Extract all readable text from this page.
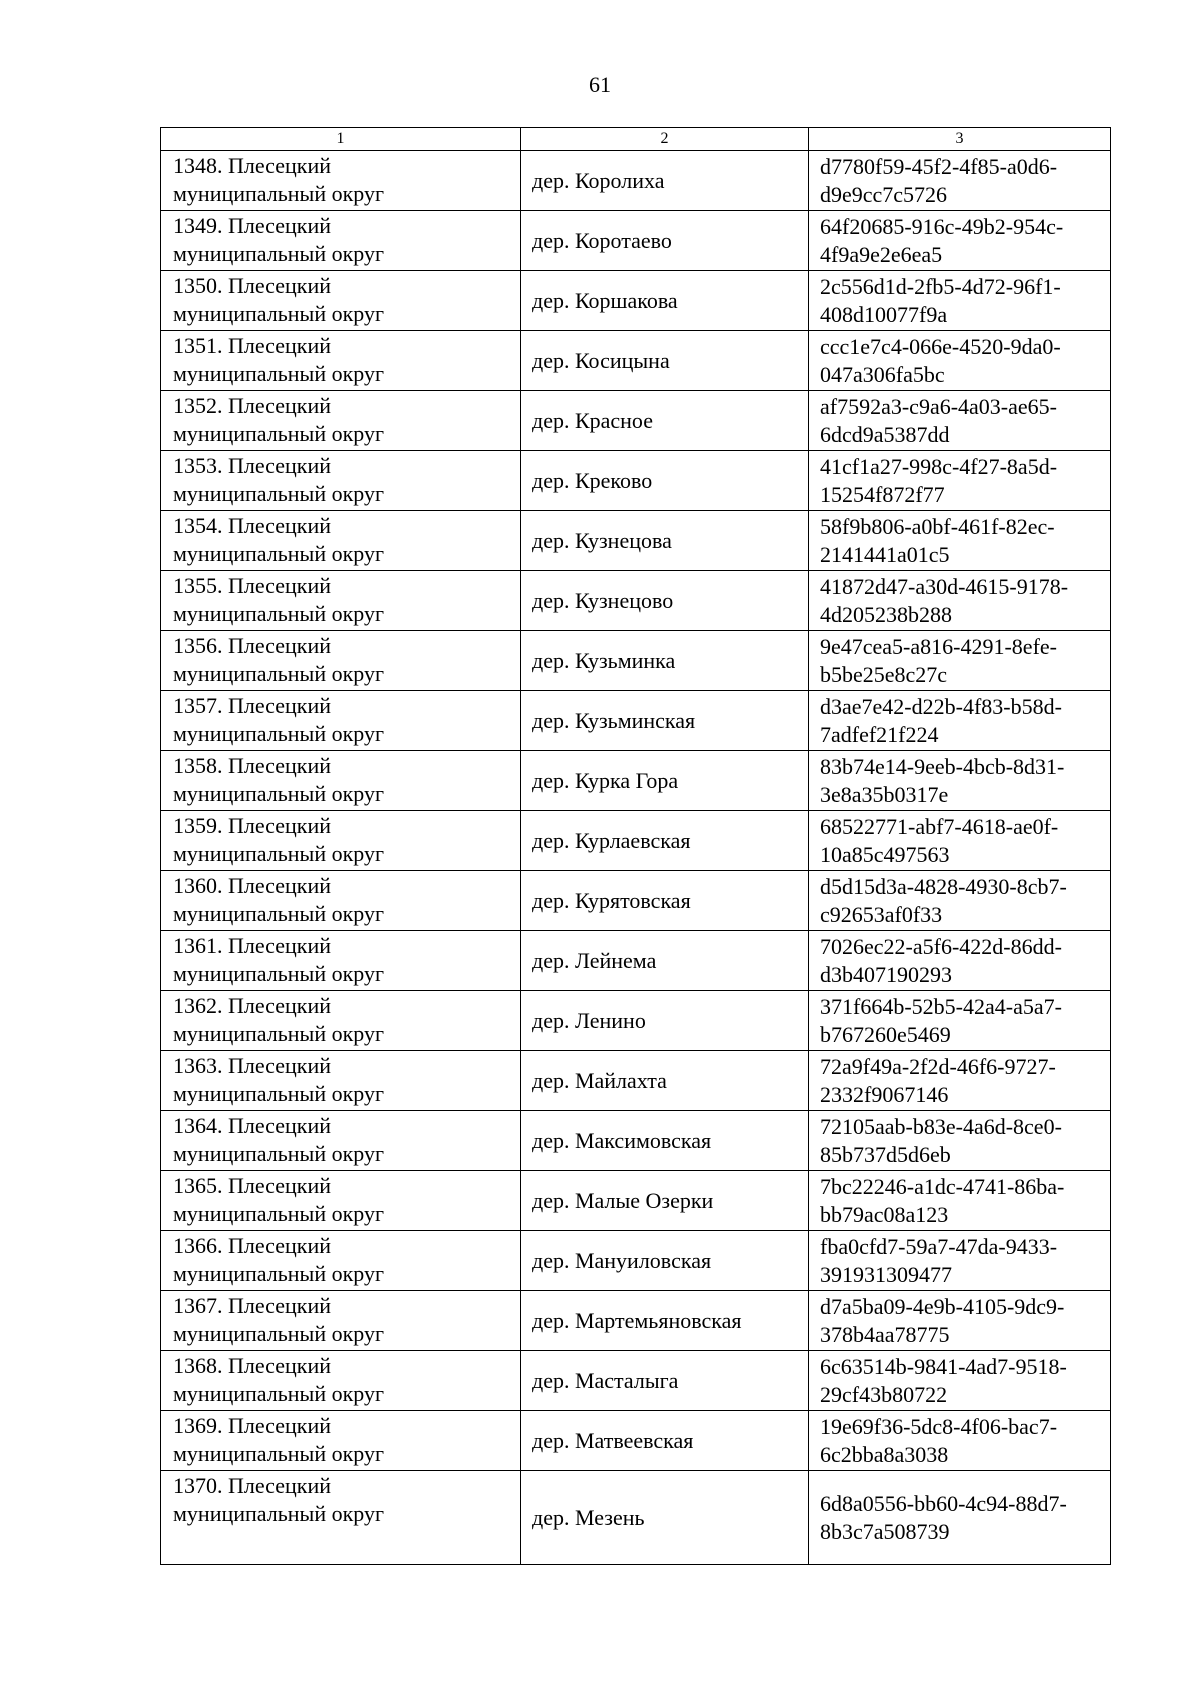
61
1	2	3

1348. Плесецкий
муниципальный округ	дер. Королиха	d7780f59-45f2-4f85-a0d6-
d9e9cc7c5726

1349. Плесецкий
муниципальный округ	дер. Коротаево	64f20685-916c-49b2-954c-
4f9a9e2e6ea5

1350. Плесецкий
муниципальный округ	дер. Коршакова	2c556d1d-2fb5-4d72-96f1-
408d10077f9a

1351. Плесецкий
муниципальный округ	дер. Косицына	ccc1e7c4-066e-4520-9da0-
047a306fa5bc

1352. Плесецкий
муниципальный округ	дер. Красное	af7592a3-c9a6-4a03-ae65-
6dcd9a5387dd

1353. Плесецкий
муниципальный округ	дер. Креково	41cf1a27-998c-4f27-8a5d-
15254f872f77

1354. Плесецкий
муниципальный округ	дер. Кузнецова	58f9b806-a0bf-461f-82ec-
2141441a01c5

1355. Плесецкий
муниципальный округ	дер. Кузнецово	41872d47-a30d-4615-9178-
4d205238b288

1356. Плесецкий
муниципальный округ	дер. Кузьминка	9e47cea5-a816-4291-8efe-
b5be25e8c27c

1357. Плесецкий
муниципальный округ	дер. Кузьминская	d3ae7e42-d22b-4f83-b58d-
7adfef21f224

1358. Плесецкий
муниципальный округ	дер. Курка Гора	83b74e14-9eeb-4bcb-8d31-
3e8a35b0317e

1359. Плесецкий
муниципальный округ	дер. Курлаевская	68522771-abf7-4618-ae0f-
10a85c497563

1360. Плесецкий
муниципальный округ	дер. Курятовская	d5d15d3a-4828-4930-8cb7-
c92653af0f33

1361. Плесецкий
муниципальный округ	дер. Лейнема	7026ec22-a5f6-422d-86dd-
d3b407190293

1362. Плесецкий
муниципальный округ	дер. Ленино	371f664b-52b5-42a4-a5a7-
b767260e5469

1363. Плесецкий
муниципальный округ	дер. Майлахта	72a9f49a-2f2d-46f6-9727-
2332f9067146

1364. Плесецкий
муниципальный округ	дер. Максимовская	72105aab-b83e-4a6d-8ce0-
85b737d5d6eb

1365. Плесецкий
муниципальный округ	дер. Малые Озерки	7bc22246-a1dc-4741-86ba-
bb79ac08a123

1366. Плесецкий
муниципальный округ	дер. Мануиловская	fba0cfd7-59a7-47da-9433-
391931309477

1367. Плесецкий
муниципальный округ	дер. Мартемьяновская	d7a5ba09-4e9b-4105-9dc9-
378b4aa78775

1368. Плесецкий
муниципальный округ	дер. Масталыга	6c63514b-9841-4ad7-9518-
29cf43b80722

1369. Плесецкий
муниципальный округ	дер. Матвеевская	19e69f36-5dc8-4f06-bac7-
6c2bba8a3038

1370. Плесецкий
муниципальный округ	дер. Мезень	6d8a0556-bb60-4c94-88d7-
8b3c7a508739
